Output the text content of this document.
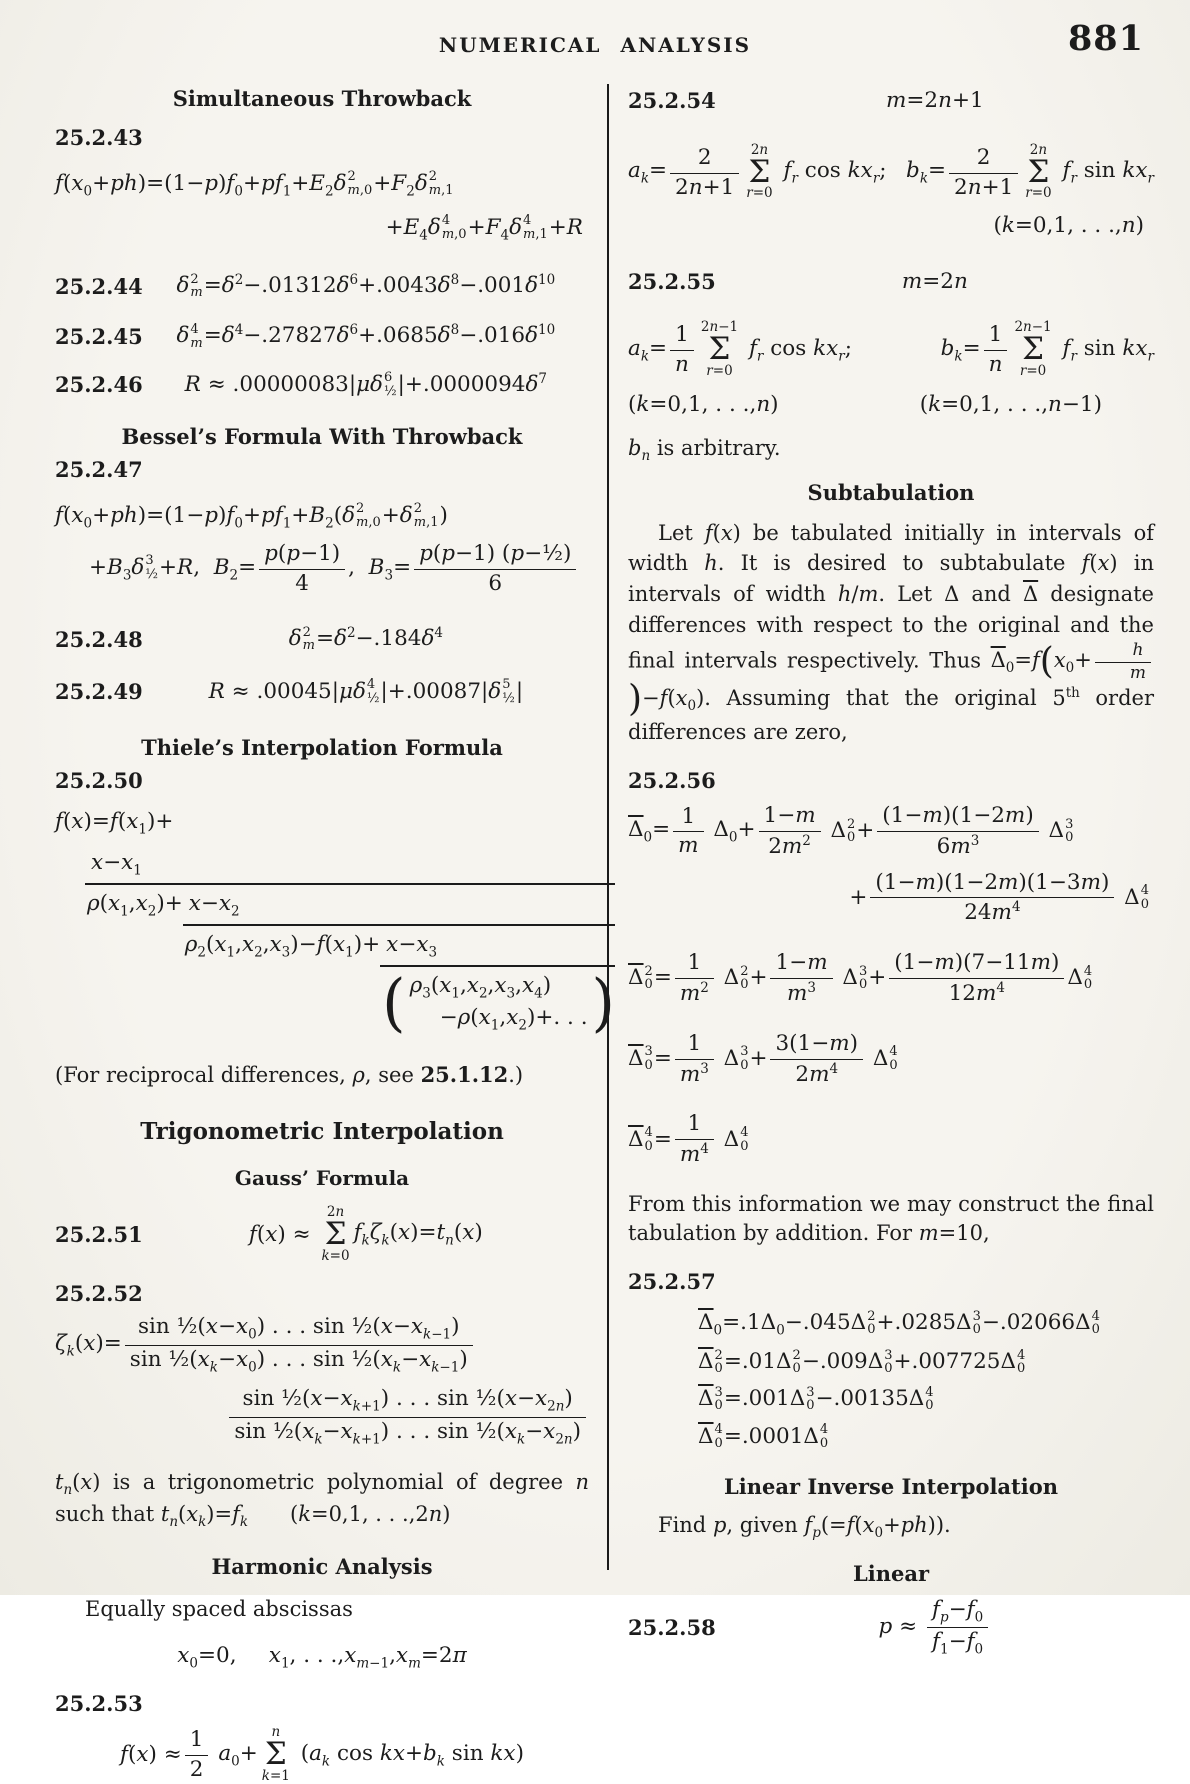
NUMERICAL ANALYSIS	881
Simultaneous Throwback
25.2.43
$f(x_0+ph)=(1-p)f_0+pf_1+E_2\delta$ 2
$m,0 +F_2\delta$ 2
m,1
$+E_4\delta$ 4
$m,0 +F_4\delta$ 4
m,1 +R
25.2.44	δ 2
$m =\delta^2-.01312\delta^6+.0043\delta^8-.001\delta^{10}$
25.2.45	δ 4
$m =\delta^4-.27827\delta^6+.0685\delta^8-.016\delta^{10}$
25.2.46	R ≈ .00000083|μδ 6
½ $|+.0000094\delta^7$
Bessel’s Formula With Throwback
25.2.47
$f(x_0+ph)=(1-p)f_0+pf_1+B_2(\delta$ 2
m,0 +δ 2
m,1 )
$+B_3\delta$ 3
½ +R,  $B_2= \frac{p(p-1)}{4}$ ,  $B_3= \frac{\text{p(p−1) (p−½)}}{6}$
25.2.48	δ 2
$m =\delta^2-.184\delta^4$
25.2.49	R ≈ .00045|μδ 4
½ |+.00087|δ 5
½ |
Thiele’s Interpolation Formula
25.2.50
$f(x)=f(x_1)+$
$x-x_1$
$\rho(x_1,x_2)+ x-x_2$
$\rho_2(x_1,x_2,x_3)-f(x_1)+ x-x_3$
( $\rho_3(x_1,x_2,x_3,x_4)$
$-\rho(x_1,x_2)+$. . . )
(For reciprocal differences, ρ, see 25.1.12.)
Trigonometric Interpolation
Gauss’ Formula
25.2.51	f(x) ≈
2n
Σ
k=0
$f_k\zeta_k(x)=t_n(x)$
25.2.52
$\zeta_k(x)= \frac{\sin \frac{1}{2}(x-x_0) . . . \sin \frac{1}{2}(x-x_{k-1})}{\sin \frac{1}{2}(x_k-x_0) . . . \sin \frac{1}{2}(x_k-x_{k-1})}$
$\frac{\sin \frac{1}{2}(x-x_{k+1}) . . . \sin \frac{1}{2}(x-x_{2n})}{\sin \frac{1}{2}(x_k-x_{k+1}) . . . \sin \frac{1}{2}(x_k-x_{2n})}$
$t_n(x)$ is a trigonometric polynomial of degree n such that $t_n(x_k)=f_k$ (k=0,1, . . .,2n)
Harmonic Analysis
Equally spaced abscissas
$x_0=0$,  $x_1$, . . $.,x_{m-1},x_m=2\pi$
25.2.53
$f(x) \approx \frac{1}{2} a_0+$
n
Σ
k=1
($a_k$ $\cos kx+b_k$ sin kx)
25.2.54	m=2n+1
$a_k= \frac{2}{2n+1} 2n$
Σ
r=0
$f_r$ $\cos kx_r$; $b_k= \frac{2}{2n+1} 2n$
Σ
r=0
$f_r$ $\sin kx_r$
(k=0,1, . . .,n)
25.2.55	m=2n
$a_k= \frac{1}{n} 2n-1$
Σ
r=0
$f_r$ $\cos kx_r$;	$b_k= \frac{1}{n} 2n-1$
Σ
r=0
$f_r$ $\sin kx_r$
(k=0,1, . . .,n)	(k=0,1, . . .,n−1)
$b_n$ is arbitrary.
Subtabulation
Let f(x) be tabulated initially in intervals of width h. It is desired to subtabulate f(x) in intervals of width h/m. Let Δ and $\overline{\Delta}$ designate differences with respect to the original and the final intervals respectively. Thus $\overline{\Delta}_0=f(x_0+ \frac{h}{m}$
)$-f(x_0)$. Assuming that the original 5th order differences are zero,
25.2.56
$\overline{\Delta}_0= \frac{1}{m} \Delta_0+ \frac{1-m}{2m^2}$ Δ 2
$0 + \frac{(1-m)(1-2m)}{6m^3}$ Δ 3
0
+ $\frac{(1-m)(1-2m)(1-3m)}{24m^4}$ Δ 4
0
$\overline{\Delta}$ 2
$0 = \frac{1}{m^2}$ Δ 2
$0 + \frac{1-m}{m^3}$ Δ 3
$0 + \frac{(1-m)(7-11m)}{12m^4}$ Δ 4
0
$\overline{\Delta}$ 3
$0 = \frac{1}{m^3}$ Δ 3
$0 + \frac{3(1-m)}{2m^4}$ Δ 4
0
$\overline{\Delta}$ 4
$0 = \frac{1}{m^4}$ Δ 4
0
From this information we may construct the final tabulation by addition. For m=10,
25.2.57
$\overline{\Delta}_0=.1\Delta_0-.045\Delta$ 2
0 +.0285Δ 3
0 −.02066Δ 4
0
$\overline{\Delta}$ 2
0 =.01Δ 2
0 −.009Δ 3
0 +.007725Δ 4
0
$\overline{\Delta}$ 3
0 =.001Δ 3
0 −.00135Δ 4
0
$\overline{\Delta}$ 4
0 =.0001Δ 4
0
Linear Inverse Interpolation
Find p, given $f_p(=f(x_0+ph))$.
Linear
25.2.58	$p \approx \frac{f_p-f_0}{f_1-f_0}$
